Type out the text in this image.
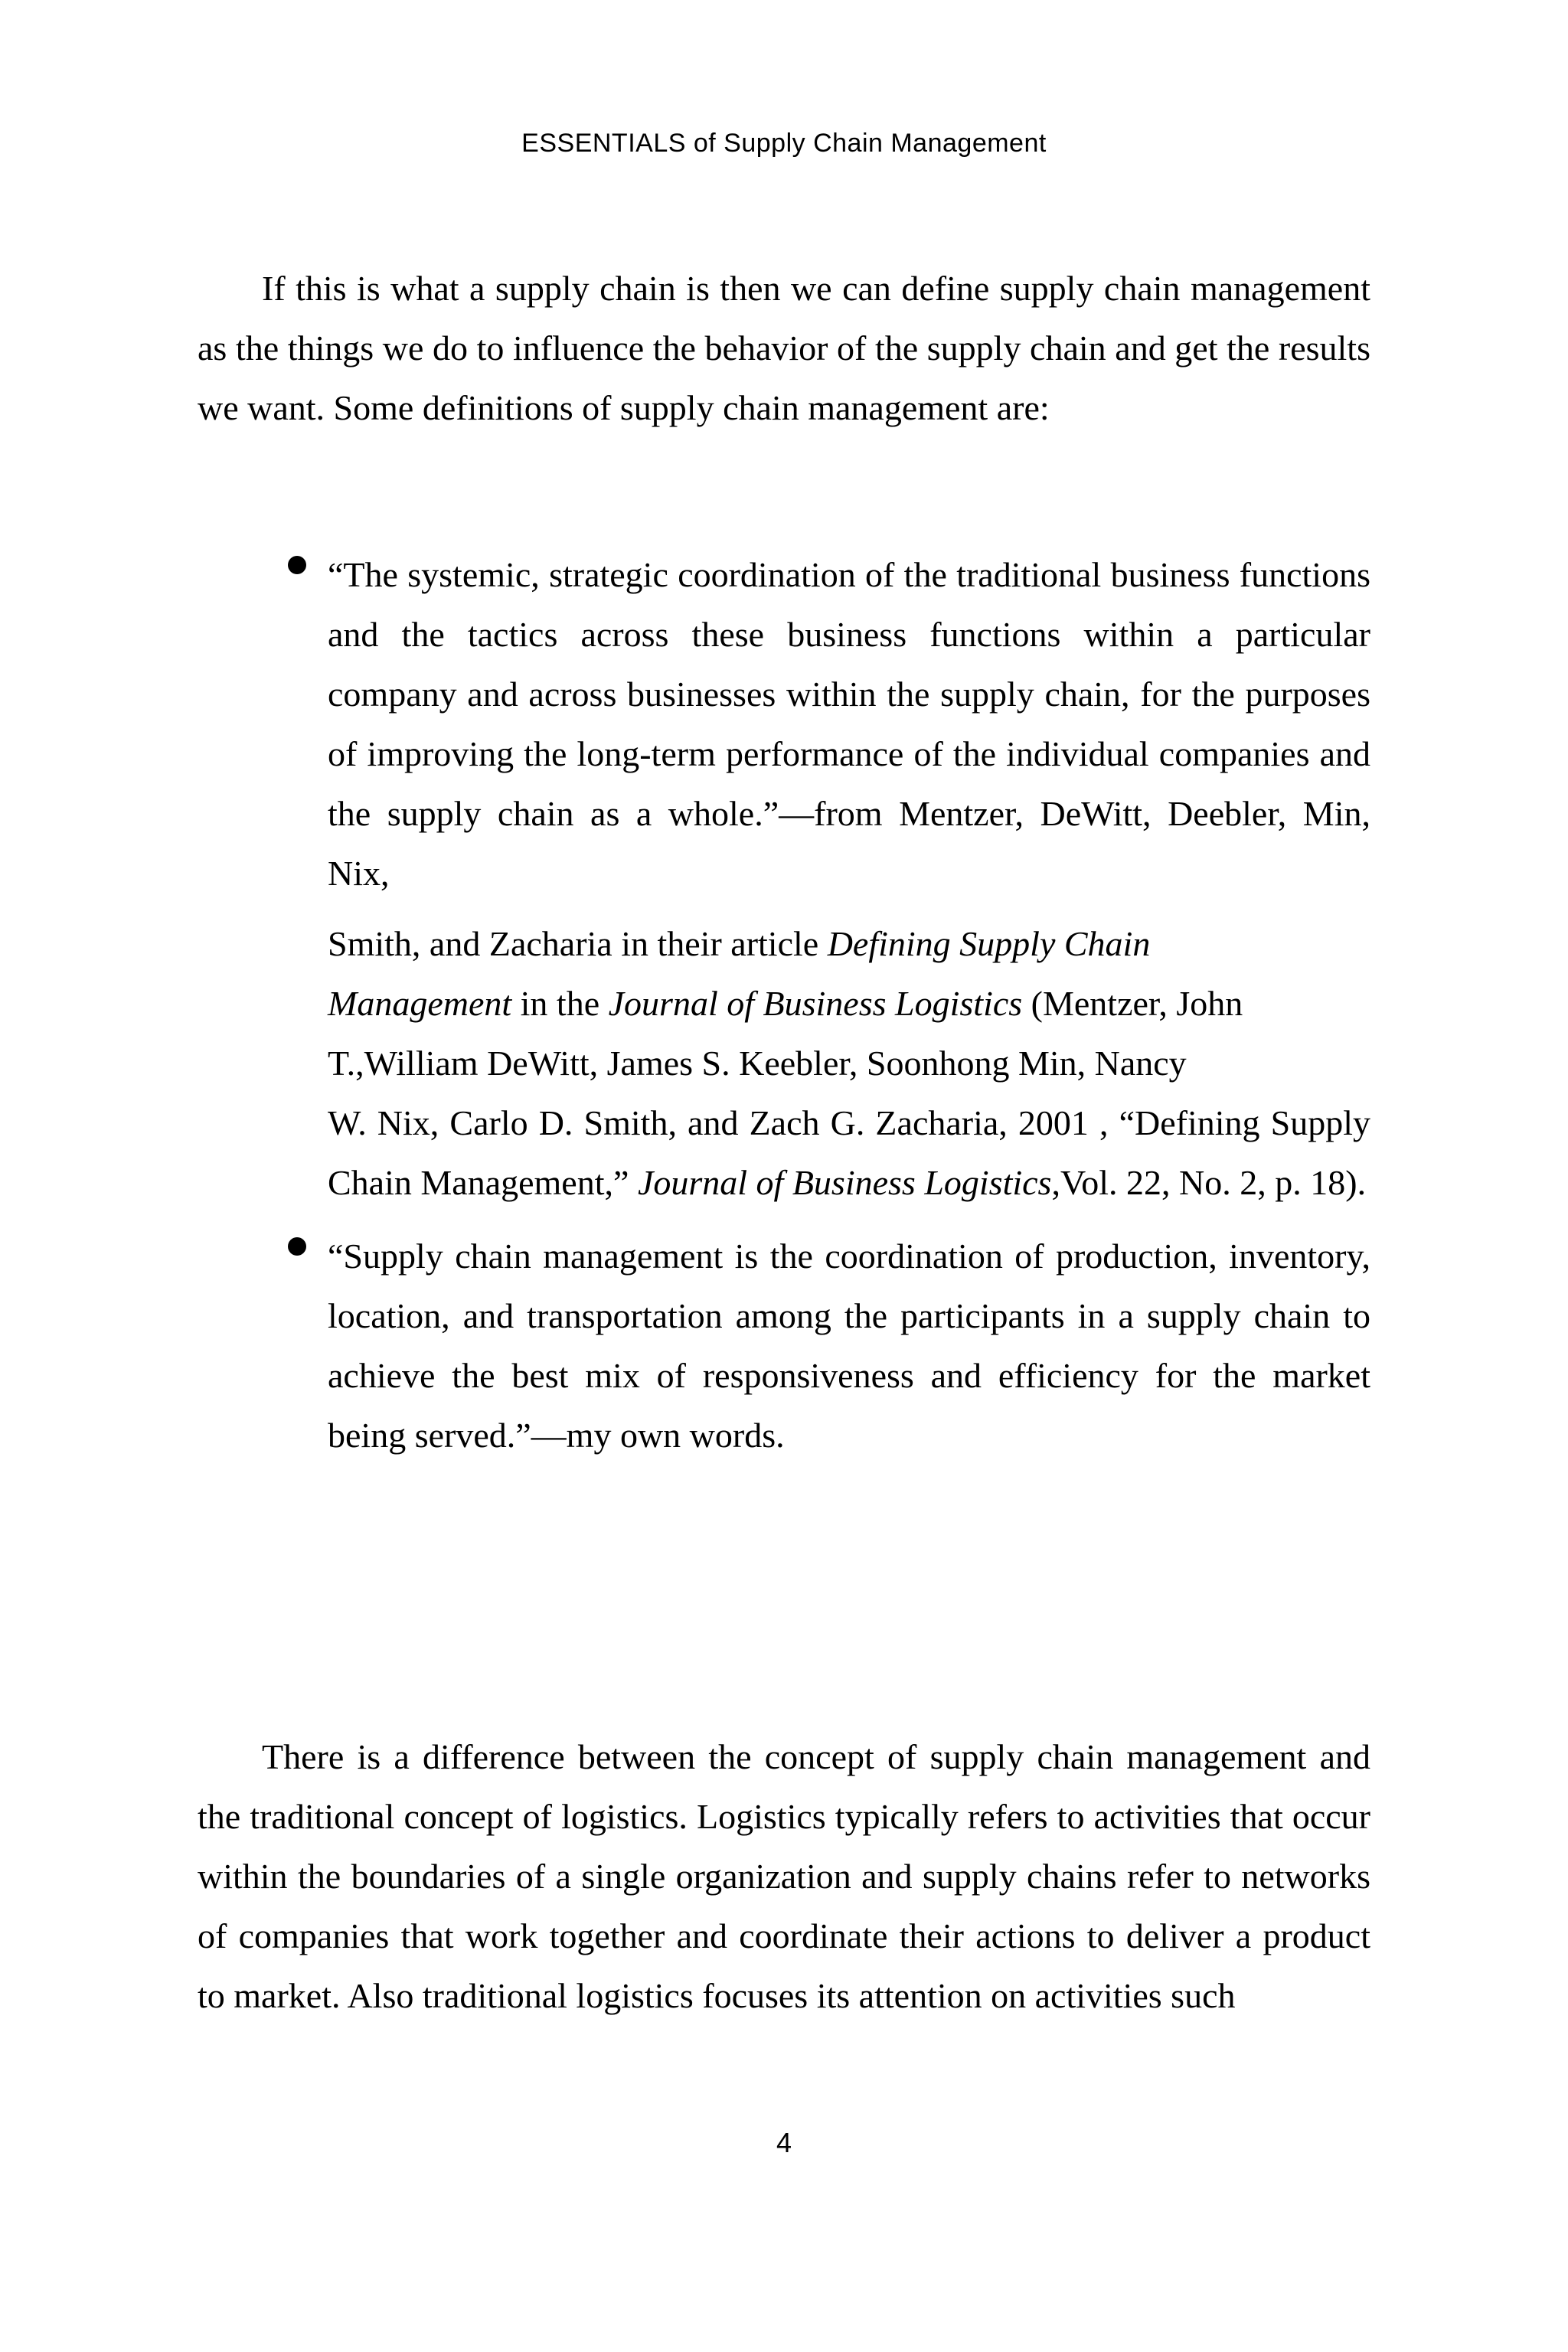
ESSENTIALS of Supply Chain Management

If this is what a supply chain is then we can define supply chain management as the things we do to influence the behavior of the supply chain and get the results we want. Some definitions of supply chain management are:

“The systemic, strategic coordination of the traditional business functions and the tactics across these business functions within a particular company and across businesses within the supply chain, for the purposes of improving the long-term performance of the individual companies and the supply chain as a whole.”—from Mentzer, DeWitt, Deebler, Min, Nix,

Smith, and Zacharia in their article Defining Supply Chain

Management in the Journal of Business Logistics (Mentzer, John

T.,William DeWitt, James S. Keebler, Soonhong Min, Nancy

W. Nix, Carlo D. Smith, and Zach G. Zacharia, 2001 , “Defining Supply Chain Management,” Journal of Business Logistics,Vol. 22, No. 2, p. 18).

“Supply chain management is the coordination of production, inventory, location, and transportation among the participants in a supply chain to achieve the best mix of responsiveness and efficiency for the market being served.”—my own words.

There is a difference between the concept of supply chain management and the traditional concept of logistics. Logistics typically refers to activities that occur within the boundaries of a single organization and supply chains refer to networks of companies that work together and coordinate their actions to deliver a product to market. Also traditional logistics focuses its attention on activities such

4
